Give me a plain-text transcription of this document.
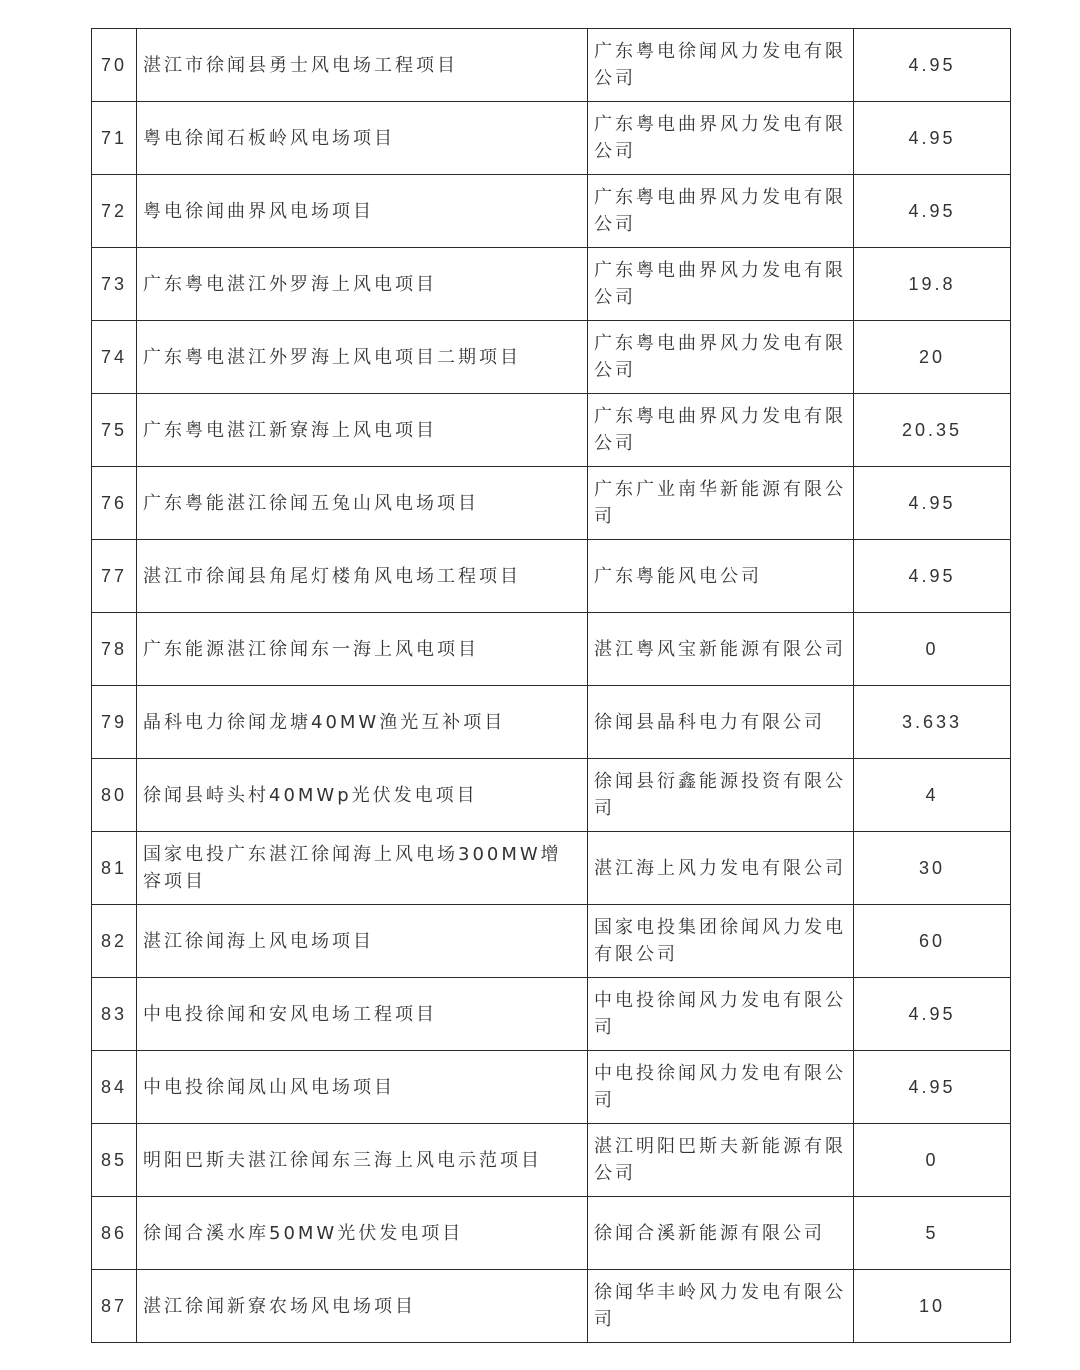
70	湛江市徐闻县勇士风电场工程项目	广东粤电徐闻风力发电有限公司	4.95
71	粤电徐闻石板岭风电场项目	广东粤电曲界风力发电有限公司	4.95
72	粤电徐闻曲界风电场项目	广东粤电曲界风力发电有限公司	4.95
73	广东粤电湛江外罗海上风电项目	广东粤电曲界风力发电有限公司	19.8
74	广东粤电湛江外罗海上风电项目二期项目	广东粤电曲界风力发电有限公司	20
75	广东粤电湛江新寮海上风电项目	广东粤电曲界风力发电有限公司	20.35
76	广东粤能湛江徐闻五兔山风电场项目	广东广业南华新能源有限公司	4.95
77	湛江市徐闻县角尾灯楼角风电场工程项目	广东粤能风电公司	4.95
78	广东能源湛江徐闻东一海上风电项目	湛江粤风宝新能源有限公司	0
79	晶科电力徐闻龙塘40MW渔光互补项目	徐闻县晶科电力有限公司	3.633
80	徐闻县峙头村40MWp光伏发电项目	徐闻县衍鑫能源投资有限公司	4
81	国家电投广东湛江徐闻海上风电场300MW增容项目	湛江海上风力发电有限公司	30
82	湛江徐闻海上风电场项目	国家电投集团徐闻风力发电有限公司	60
83	中电投徐闻和安风电场工程项目	中电投徐闻风力发电有限公司	4.95
84	中电投徐闻凤山风电场项目	中电投徐闻风力发电有限公司	4.95
85	明阳巴斯夫湛江徐闻东三海上风电示范项目	湛江明阳巴斯夫新能源有限公司	0
86	徐闻合溪水库50MW光伏发电项目	徐闻合溪新能源有限公司	5
87	湛江徐闻新寮农场风电场项目	徐闻华丰岭风力发电有限公司	10
